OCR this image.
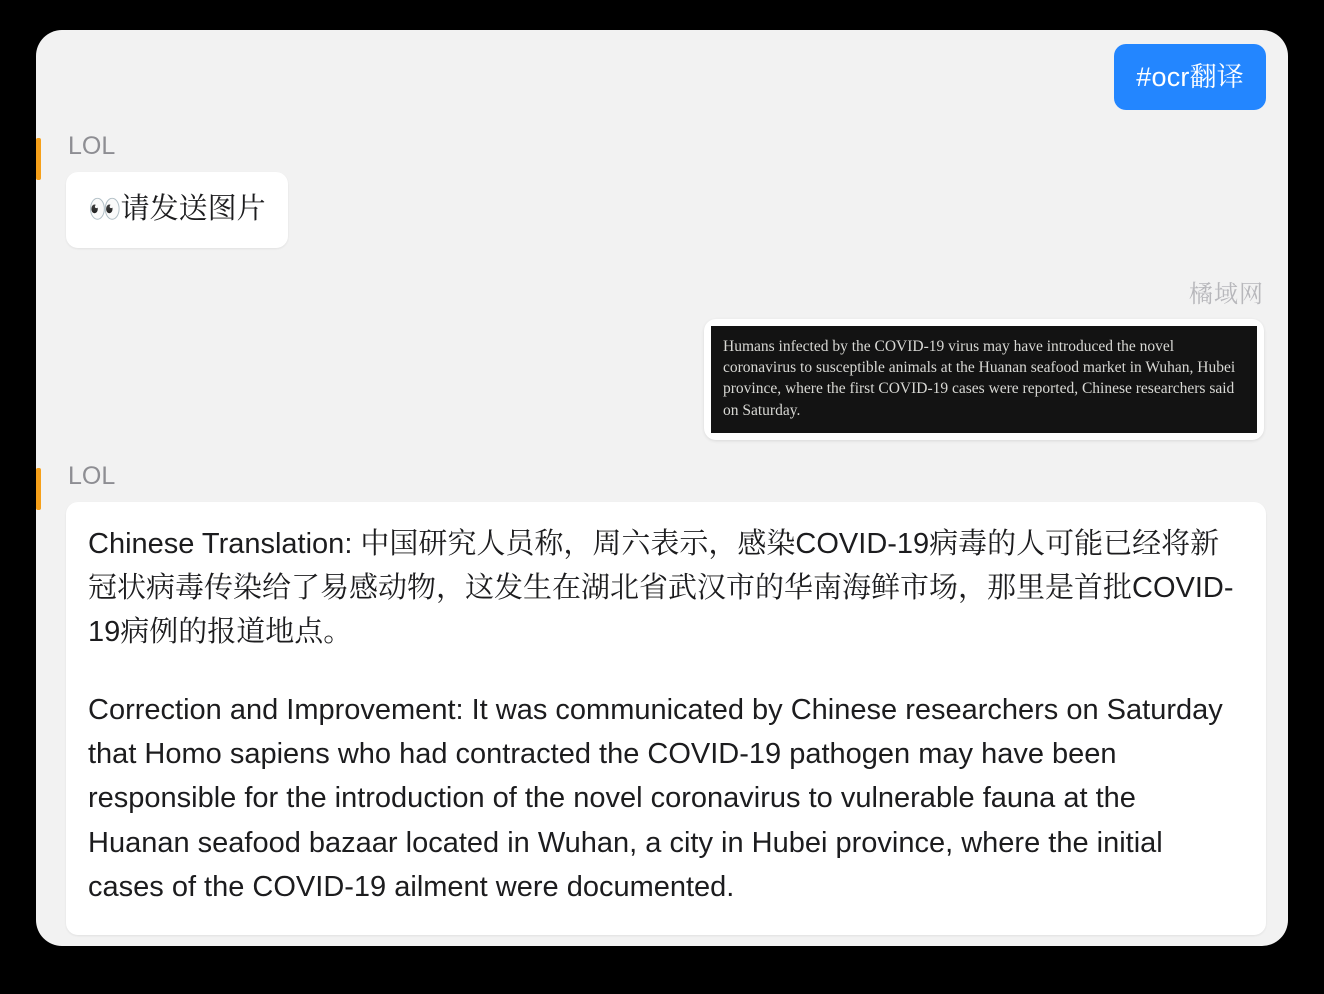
#ocr翻译
LOL
👀请发送图片
橘域网

Humans infected by the COVID-19 virus may have introduced the novel coronavirus to susceptible animals at the Huanan seafood market in Wuhan, Hubei province, where the first COVID-19 cases were reported, Chinese researchers said on Saturday.

LOL

Chinese Translation: 中国研究人员称，周六表示，感染COVID-19病毒的人可能已经将新冠状病毒传染给了易感动物，这发生在湖北省武汉市的华南海鲜市场，那里是首批COVID-19病例的报道地点。

Correction and Improvement: It was communicated by Chinese researchers on Saturday that Homo sapiens who had contracted the COVID-19 pathogen may have been responsible for the introduction of the novel coronavirus to vulnerable fauna at the Huanan seafood bazaar located in Wuhan, a city in Hubei province, where the initial cases of the COVID-19 ailment were documented.
